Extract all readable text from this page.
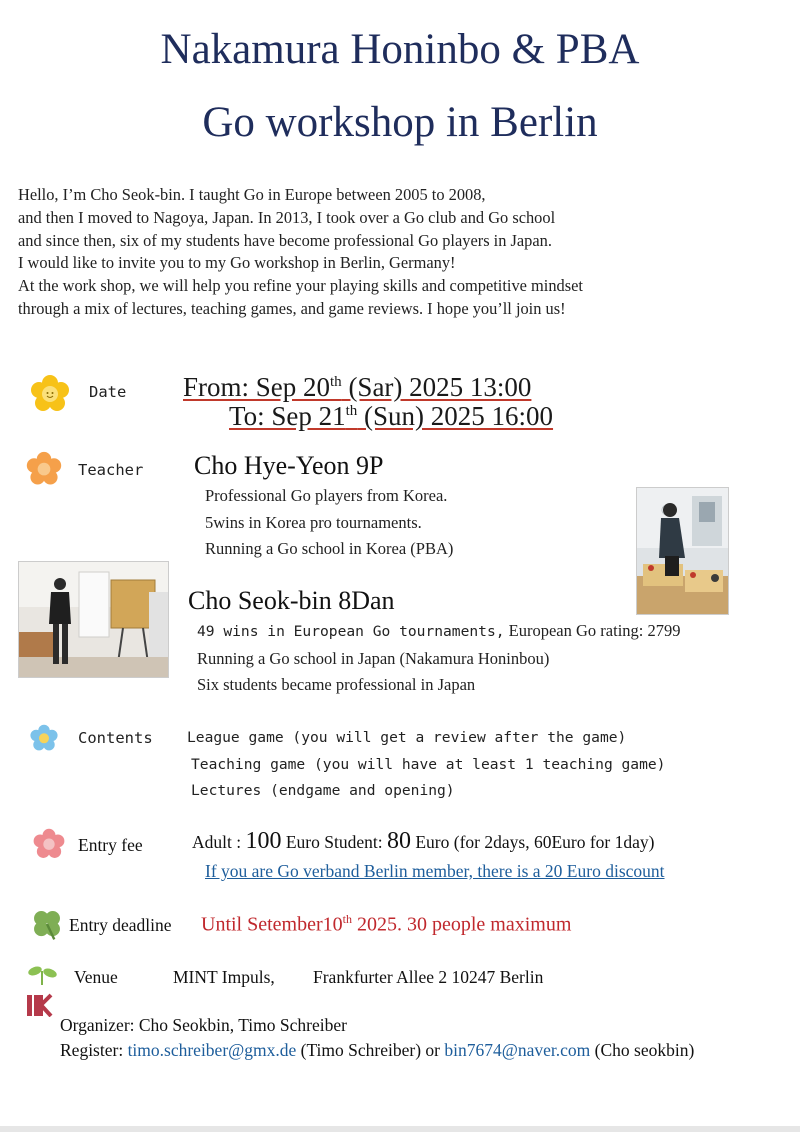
Nakamura Honinbo & PBA
Go workshop in Berlin
Hello, I’m Cho Seok-bin. I taught Go in Europe between 2005 to 2008,
and then I moved to Nagoya, Japan. In 2013, I took over a Go club and Go school
and since then, six of my students have become professional Go players in Japan.
I would like to invite you to my Go workshop in Berlin, Germany!
At the work shop, we will help you refine your playing skills and competitive mindset
through a mix of lectures, teaching games, and game reviews. I hope you’ll join us!
Date From: Sep 20th (Sar) 2025 13:00
To: Sep 21th (Sun) 2025 16:00
Teacher Cho Hye-Yeon 9P
Professional Go players from Korea.
5wins in Korea pro tournaments.
Running a Go school in Korea (PBA)
Cho Seok-bin 8Dan
49 wins in European Go tournaments, European Go rating: 2799
Running a Go school in Japan (Nakamura Honinbou)
Six students became professional in Japan
Contents League game (you will get a review after the game)
Teaching game (you will have at least 1 teaching game)
Lectures (endgame and opening)
Entry fee	Adult : 100 Euro Student: 80 Euro (for 2days, 60Euro for 1day)
If you are Go verband Berlin member, there is a 20 Euro discount
Entry deadline Until Setember10th 2025. 30 people maximum
Venue	MINT Impuls, Frankfurter Allee 2 10247 Berlin
Organizer: Cho Seokbin, Timo Schreiber
Register: timo.schreiber@gmx.de (Timo Schreiber) or bin7674@naver.com (Cho seokbin)
